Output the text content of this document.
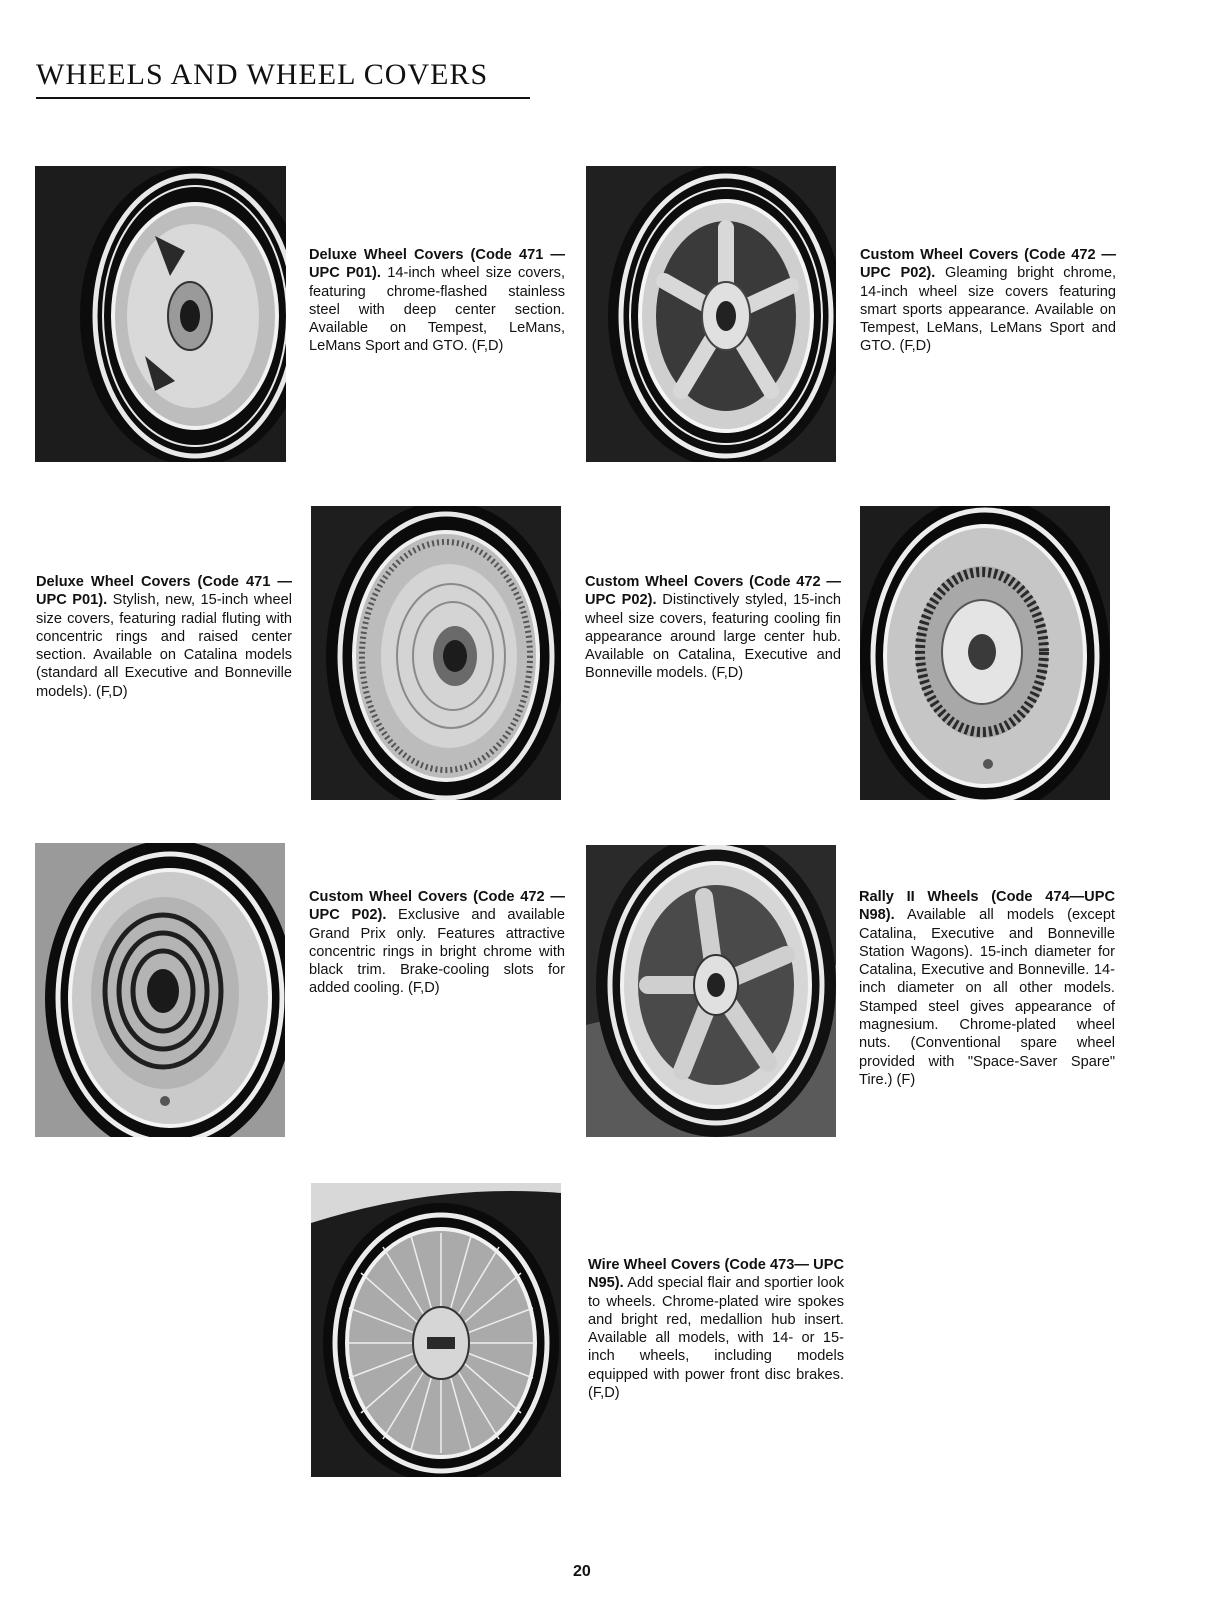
WHEELS AND WHEEL COVERS
Deluxe Wheel Covers (Code 471 —UPC P01). 14-inch wheel size covers, featuring chrome-flashed stainless steel with deep center section. Available on Tempest, LeMans, LeMans Sport and GTO. (F,D)
Custom Wheel Covers (Code 472 —UPC P02). Gleaming bright chrome, 14-inch wheel size covers featuring smart sports appearance. Available on Tempest, LeMans, LeMans Sport and GTO. (F,D)
Deluxe Wheel Covers (Code 471 —UPC P01). Stylish, new, 15-inch wheel size covers, featuring radial fluting with concentric rings and raised center section. Available on Catalina models (standard all Executive and Bonneville models). (F,D)
Custom Wheel Covers (Code 472 —UPC P02). Distinctively styled, 15-inch wheel size covers, featuring cooling fin appearance around large center hub. Available on Catalina, Executive and Bonneville models. (F,D)
Custom Wheel Covers (Code 472 —UPC P02). Exclusive and available Grand Prix only. Features attractive concentric rings in bright chrome with black trim. Brake-cooling slots for added cooling. (F,D)
Rally II Wheels (Code 474—UPC N98). Available all models (except Catalina, Executive and Bonneville Station Wagons). 15-inch diameter for Catalina, Executive and Bonneville. 14-inch diameter on all other models. Stamped steel gives appearance of magnesium. Chrome-plated wheel nuts. (Conventional spare wheel provided with "Space-Saver Spare" Tire.) (F)
Wire Wheel Covers (Code 473— UPC N95). Add special flair and sportier look to wheels. Chrome-plated wire spokes and bright red, medallion hub insert. Available all models, with 14- or 15-inch wheels, including models equipped with power front disc brakes. (F,D)
20
